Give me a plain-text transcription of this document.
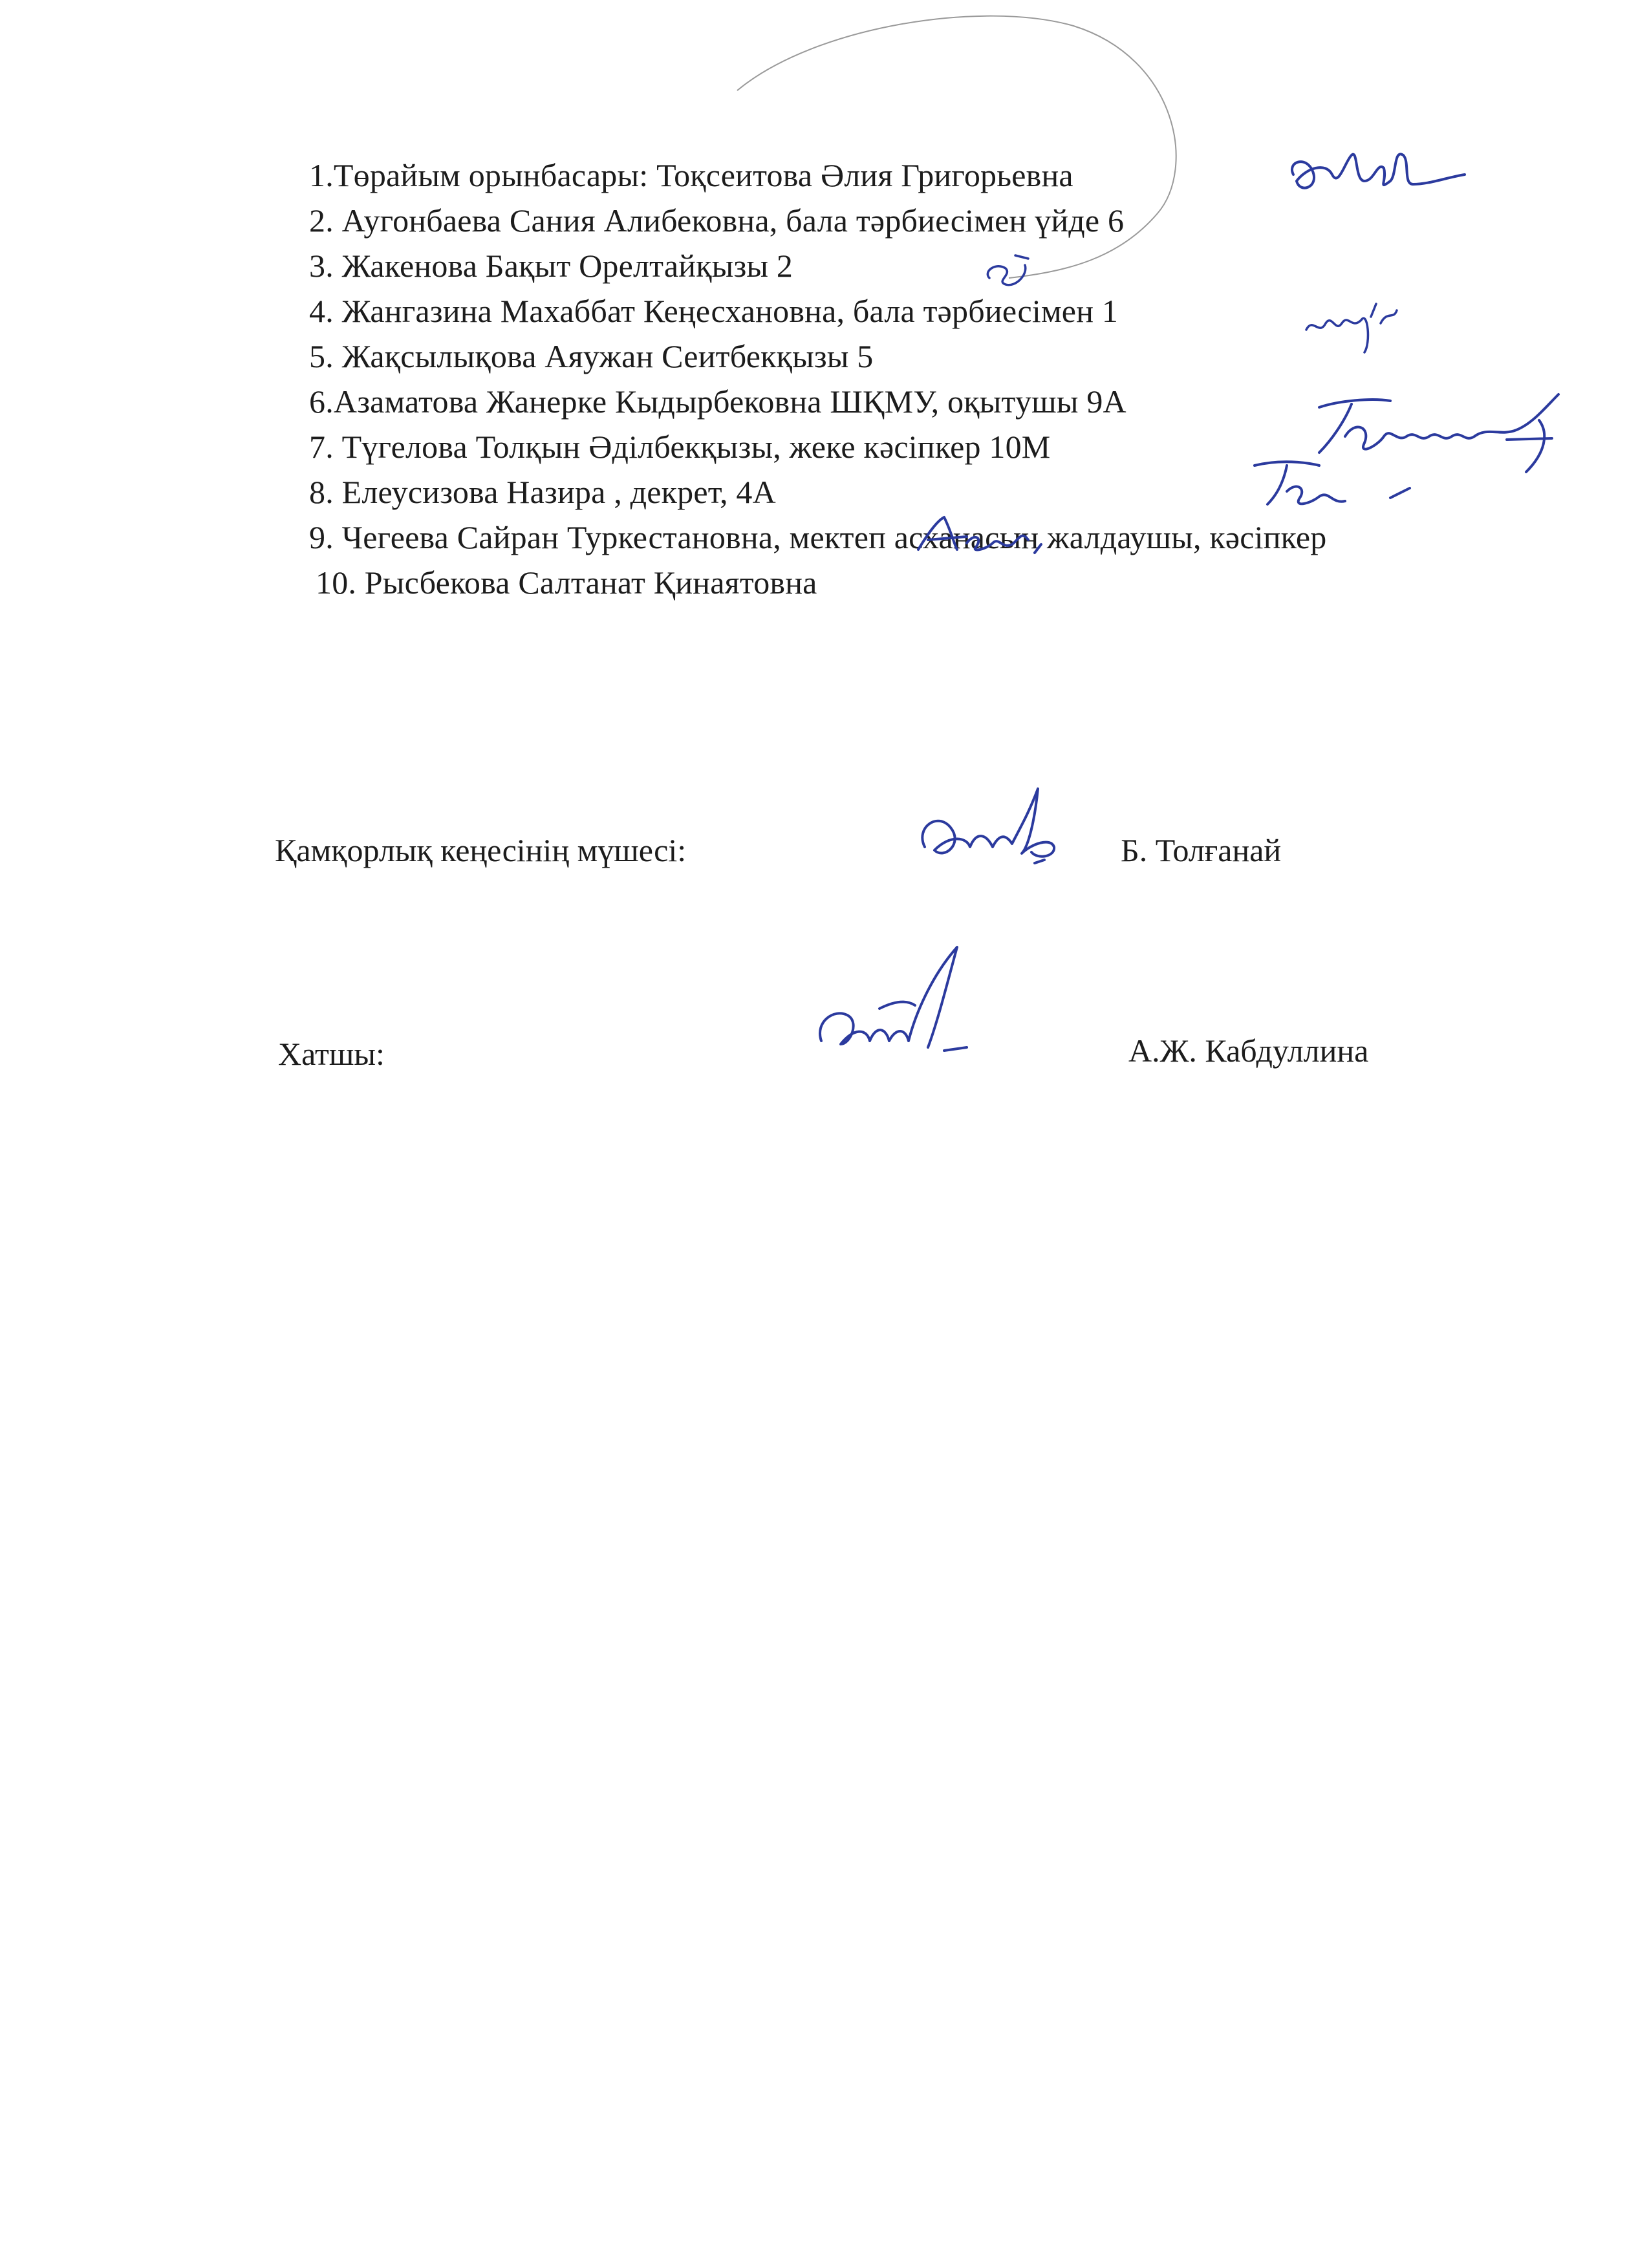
1.Төрайым орынбасары: Тоқсеитова Әлия Григорьевна
2. Аугонбаева Сания Алибековна, бала тәрбиесімен үйде 6
3. Жакенова Бақыт Орелтайқызы 2
4. Жангазина Махаббат Кеңесхановна, бала тәрбиесімен 1
5. Жақсылықова Аяужан Сеитбекқызы 5
6.Азаматова Жанерке Кыдырбековна ШҚМУ, оқытушы 9А
7. Түгелова Толқын Әділбекқызы, жеке кәсіпкер 10М
8. Елеусизова Назира , декрет, 4А
9. Чегеева Сайран Туркестановна, мектеп асханасын жалдаушы, кәсіпкер
10. Рысбекова Салтанат Қинаятовна
Қамқорлық кеңесінің мүшесі:	Б. Толғанай
Хатшы:	А.Ж. Кабдуллина
